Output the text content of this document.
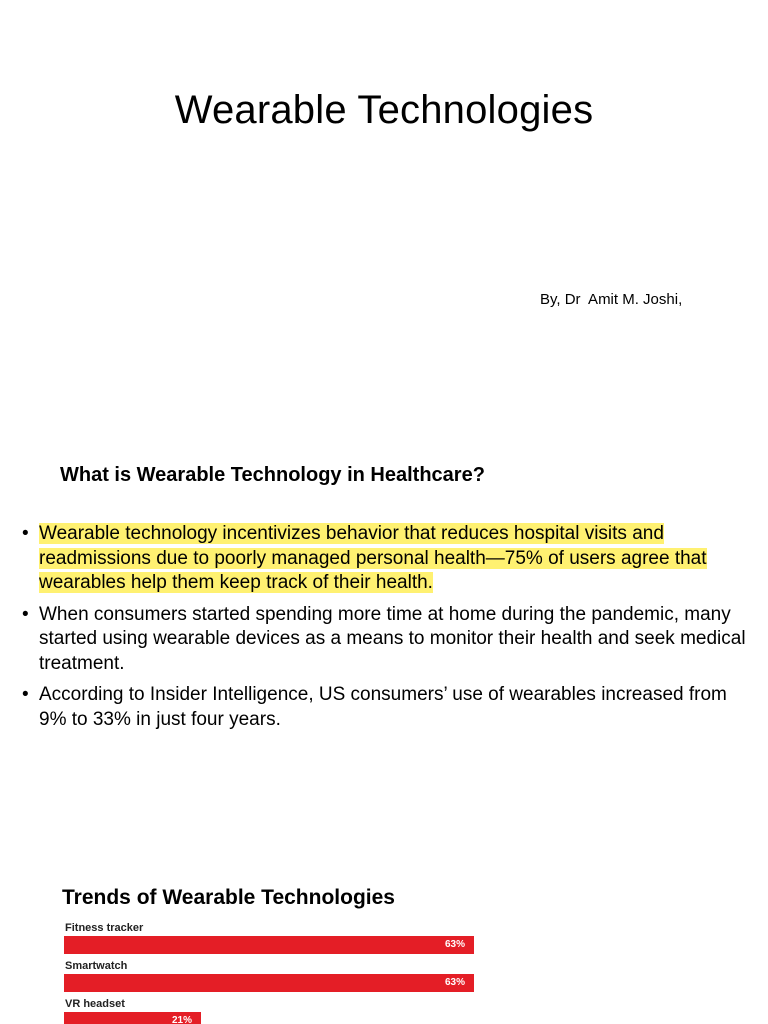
Wearable Technologies
By, Dr  Amit M. Joshi,
What is Wearable Technology in Healthcare?
• Wearable technology incentivizes behavior that reduces hospital visits and readmissions due to poorly managed personal health—75% of users agree that wearables help them keep track of their health.
• When consumers started spending more time at home during the pandemic, many started using wearable devices as a means to monitor their health and seek medical treatment.
• According to Insider Intelligence, US consumers’ use of wearables increased from 9% to 33% in just four years.
Trends of Wearable Technologies
Fitness tracker
63%
Smartwatch
63%
VR headset
21%
